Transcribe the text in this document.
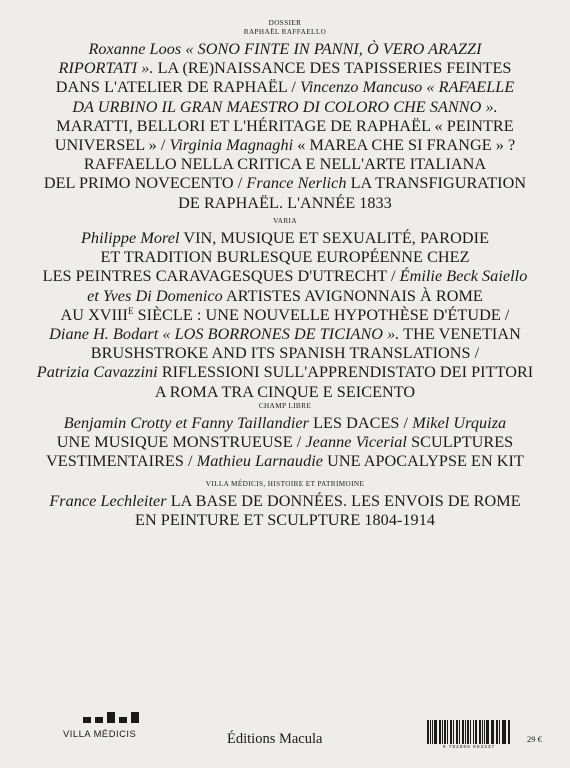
DOSSIER
RAPHAËL RAFFAELLO
Roxanne Loos « SONO FINTE IN PANNI, Ò VERO ARAZZI
RIPORTATI ». LA (RE)NAISSANCE DES TAPISSERIES FEINTES
DANS L'ATELIER DE RAPHAËL / Vincenzo Mancuso « RAFAELLE
DA URBINO IL GRAN MAESTRO DI COLORO CHE SANNO ».
MARATTI, BELLORI ET L'HÉRITAGE DE RAPHAËL « PEINTRE
UNIVERSEL » / Virginia Magnaghi « MAREA CHE SI FRANGE » ?
RAFFAELLO NELLA CRITICA E NELL'ARTE ITALIANA
DEL PRIMO NOVECENTO / France Nerlich LA TRANSFIGURATION
DE RAPHAËL. L'ANNÉE 1833
VARIA
Philippe Morel VIN, MUSIQUE ET SEXUALITÉ, PARODIE
ET TRADITION BURLESQUE EUROPÉENNE CHEZ
LES PEINTRES CARAVAGESQUES D'UTRECHT / Émilie Beck Saiello
et Yves Di Domenico ARTISTES AVIGNONNAIS À ROME
AU $XVIII^E$ SIÈCLE : UNE NOUVELLE HYPOTHÈSE D'ÉTUDE /
Diane H. Bodart « LOS BORRONES DE TICIANO ». THE VENETIAN
BRUSHSTROKE AND ITS SPANISH TRANSLATIONS /
Patrizia Cavazzini RIFLESSIONI SULL'APPRENDISTATO DEI PITTORI
A ROMA TRA CINQUE E SEICENTO
CHAMP LIBRE
Benjamin Crotty et Fanny Taillandier LES DACES / Mikel Urquiza
UNE MUSIQUE MONSTRUEUSE / Jeanne Vicerial SCULPTURES
VESTIMENTAIRES / Mathieu Larnaudie UNE APOCALYPSE EN KIT
VILLA MÉDICIS, HISTOIRE ET PATRIMOINE
France Lechleiter LA BASE DE DONNÉES. LES ENVOIS DE ROME
EN PEINTURE ET SCULPTURE 1804-1914
VILLA MÉDICIS	Éditions Macula
9 782865 893337
29 €
